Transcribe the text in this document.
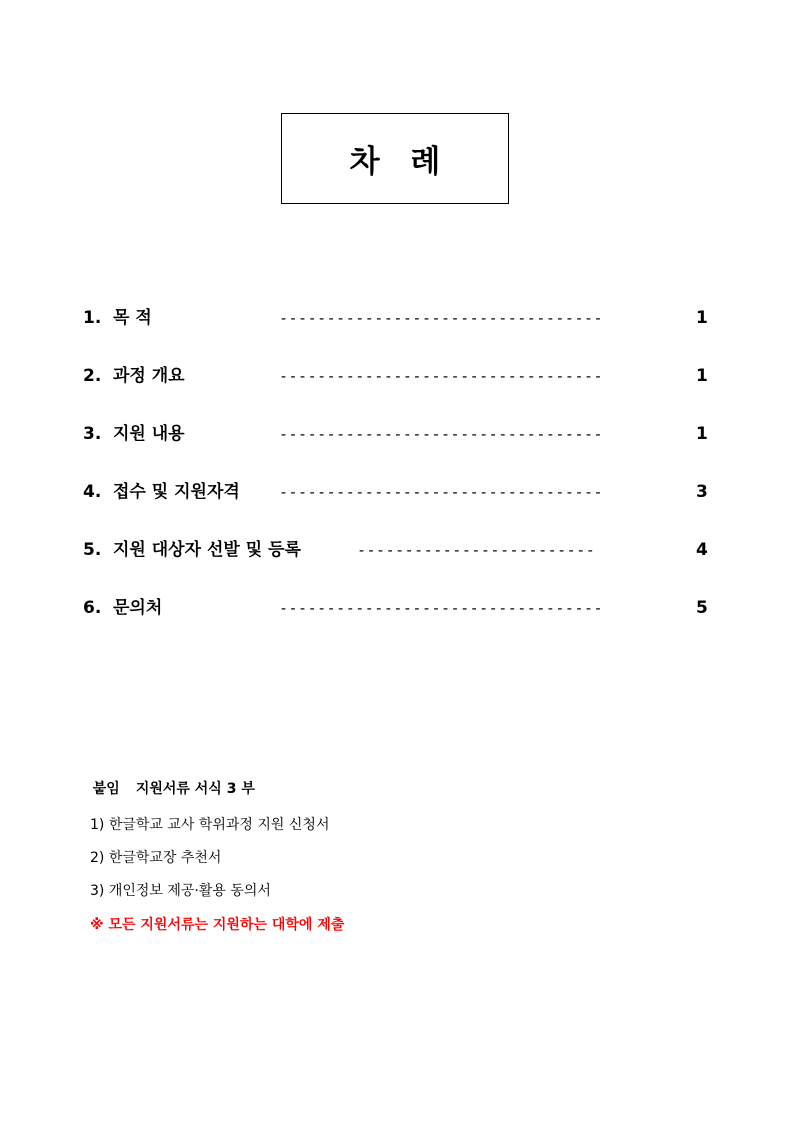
차 례
1. 목 적	----------------------------------	1
2. 과정 개요	----------------------------------	1
3. 지원 내용	----------------------------------	1
4. 접수 및 지원자격	----------------------------------	3
5. 지원 대상자 선발 및 등록	-------------------------	4
6. 문의처	----------------------------------	5

붙임 지원서류 서식 3 부

1) 한글학교 교사 학위과정 지원 신청서
2) 한글학교장 추천서
3) 개인정보 제공·활용 동의서
※ 모든 지원서류는 지원하는 대학에 제출
